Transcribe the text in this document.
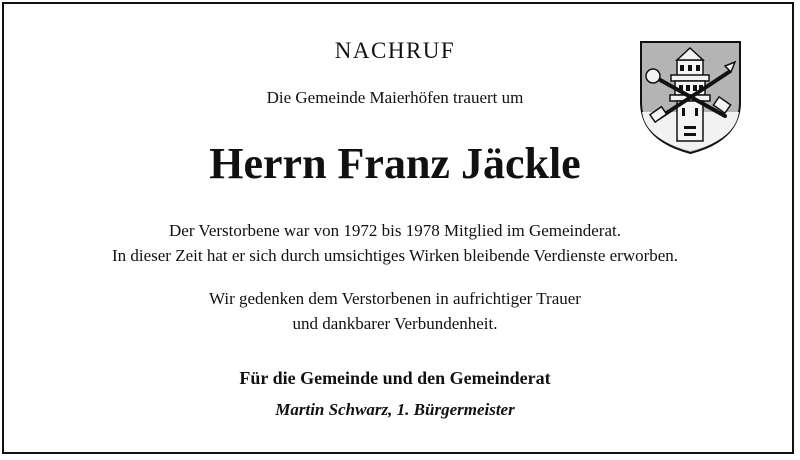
NACHRUF
Die Gemeinde Maierhöfen trauert um
Herrn Franz Jäckle
Der Verstorbene war von 1972 bis 1978 Mitglied im Gemeinderat.
In dieser Zeit hat er sich durch umsichtiges Wirken bleibende Verdienste erworben.
Wir gedenken dem Verstorbenen in aufrichtiger Trauer
und dankbarer Verbundenheit.
Für die Gemeinde und den Gemeinderat
Martin Schwarz, 1. Bürgermeister
